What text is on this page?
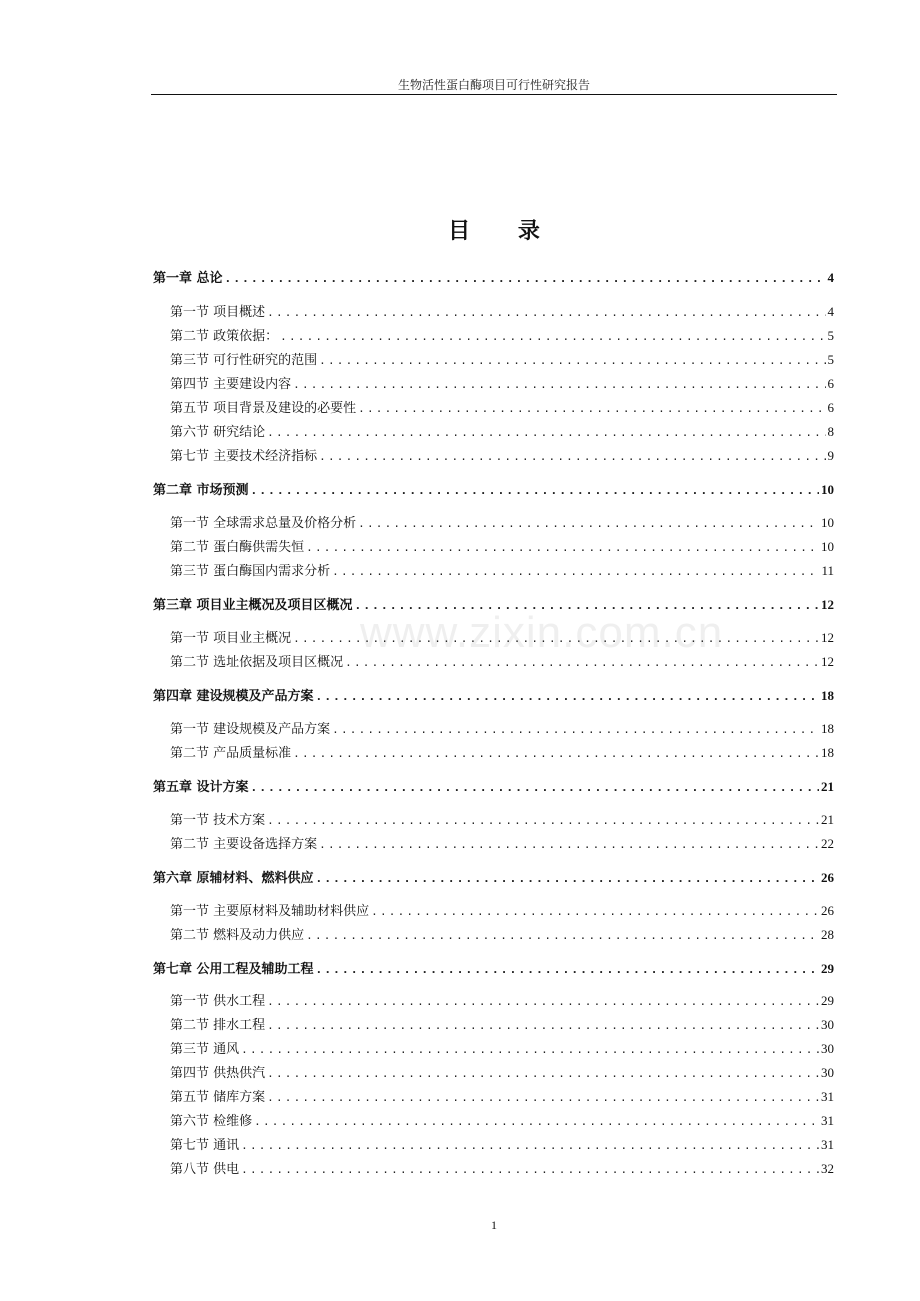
生物活性蛋白酶项目可行性研究报告
目 录
第一章 总论 .....	4
第一节 项目概述 .....	4
第二节 政策依据： .....	5
第三节 可行性研究的范围 .....	5
第四节 主要建设内容 .....	6
第五节 项目背景及建设的必要性 .....	6
第六节 研究结论 .....	8
第七节 主要技术经济指标 .....	9
第二章 市场预测 .....	10
第一节 全球需求总量及价格分析 .....	10
第二节 蛋白酶供需失恒 .....	10
第三节 蛋白酶国内需求分析 .....	11
第三章 项目业主概况及项目区概况 .....	12
第一节 项目业主概况 .....	12
第二节 选址依据及项目区概况 .....	12
第四章 建设规模及产品方案 .....	18
第一节 建设规模及产品方案 .....	18
第二节 产品质量标准 .....	18
第五章 设计方案 .....	21
第一节 技术方案 .....	21
第二节 主要设备选择方案 .....	22
第六章 原辅材料、燃料供应 .....	26
第一节 主要原材料及辅助材料供应 .....	26
第二节 燃料及动力供应 .....	28
第七章 公用工程及辅助工程 .....	29
第一节 供水工程 .....	29
第二节 排水工程 .....	30
第三节 通风 .....	30
第四节 供热供汽 .....	30
第五节 储库方案 .....	31
第六节 检维修 .....	31
第七节 通讯 .....	31
第八节 供电 .....	32
www.zixin.com.cn
1
